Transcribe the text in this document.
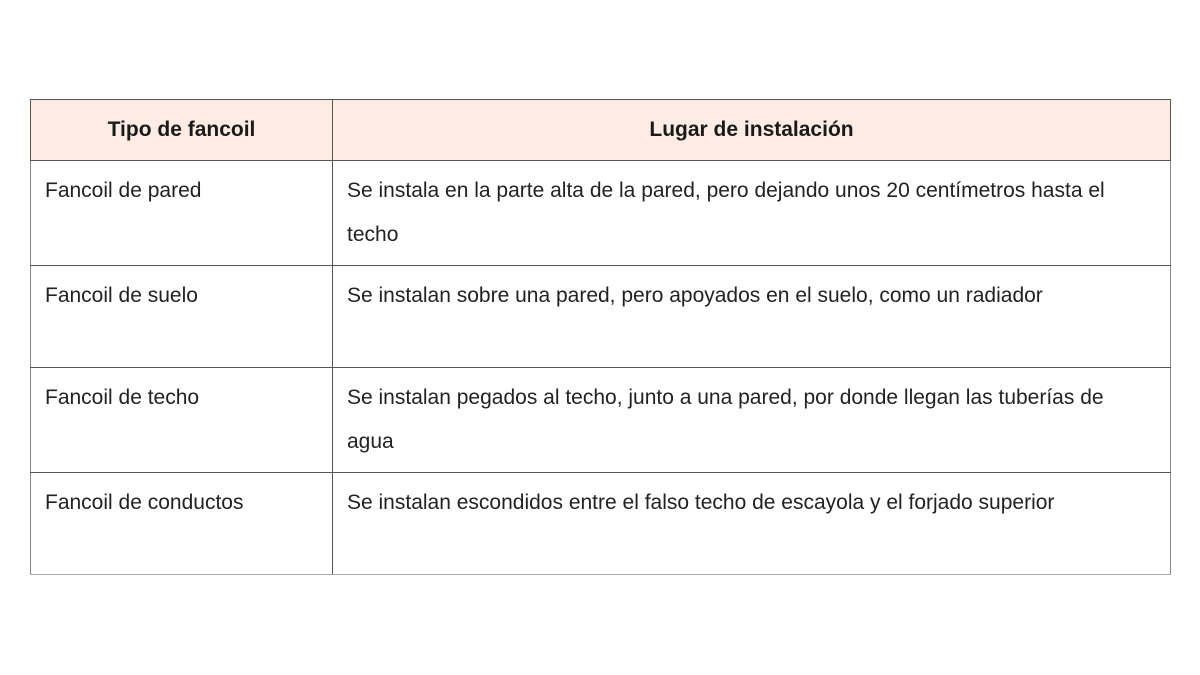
Tipo de fancoil	Lugar de instalación
Fancoil de pared	Se instala en la parte alta de la pared, pero dejando unos 20 centímetros hasta el techo
Fancoil de suelo	Se instalan sobre una pared, pero apoyados en el suelo, como un radiador
Fancoil de techo	Se instalan pegados al techo, junto a una pared, por donde llegan las tuberías de agua
Fancoil de conductos	Se instalan escondidos entre el falso techo de escayola y el forjado superior
